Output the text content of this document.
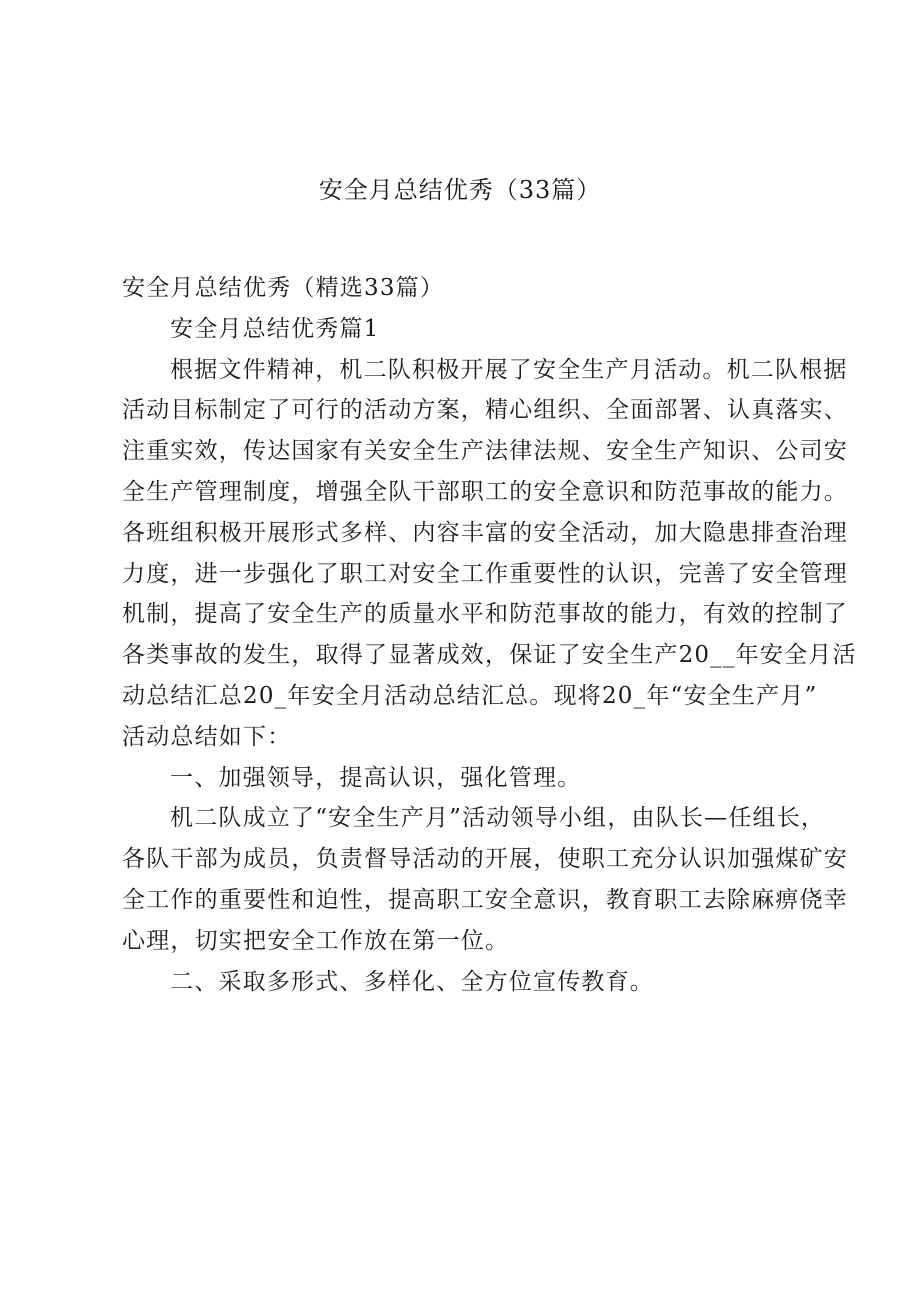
安全月总结优秀（33篇）
安全月总结优秀（精选33篇）
安全月总结优秀篇1
根据文件精神，机二队积极开展了安全生产月活动。机二队根据
活动目标制定了可行的活动方案，精心组织、全面部署、认真落实、
注重实效，传达国家有关安全生产法律法规、安全生产知识、公司安
全生产管理制度，增强全队干部职工的安全意识和防范事故的能力。
各班组积极开展形式多样、内容丰富的安全活动，加大隐患排查治理
力度，进一步强化了职工对安全工作重要性的认识，完善了安全管理
机制，提高了安全生产的质量水平和防范事故的能力，有效的控制了
各类事故的发生，取得了显著成效，保证了安全生产20__年安全月活
动总结汇总20_年安全月活动总结汇总。现将20_年“安全生产月”
活动总结如下：
一、加强领导，提高认识，强化管理。
机二队成立了“安全生产月”活动领导小组，由队长—任组长，
各队干部为成员，负责督导活动的开展，使职工充分认识加强煤矿安
全工作的重要性和迫性，提高职工安全意识，教育职工去除麻痹侥幸
心理，切实把安全工作放在第一位。
二、采取多形式、多样化、全方位宣传教育。
